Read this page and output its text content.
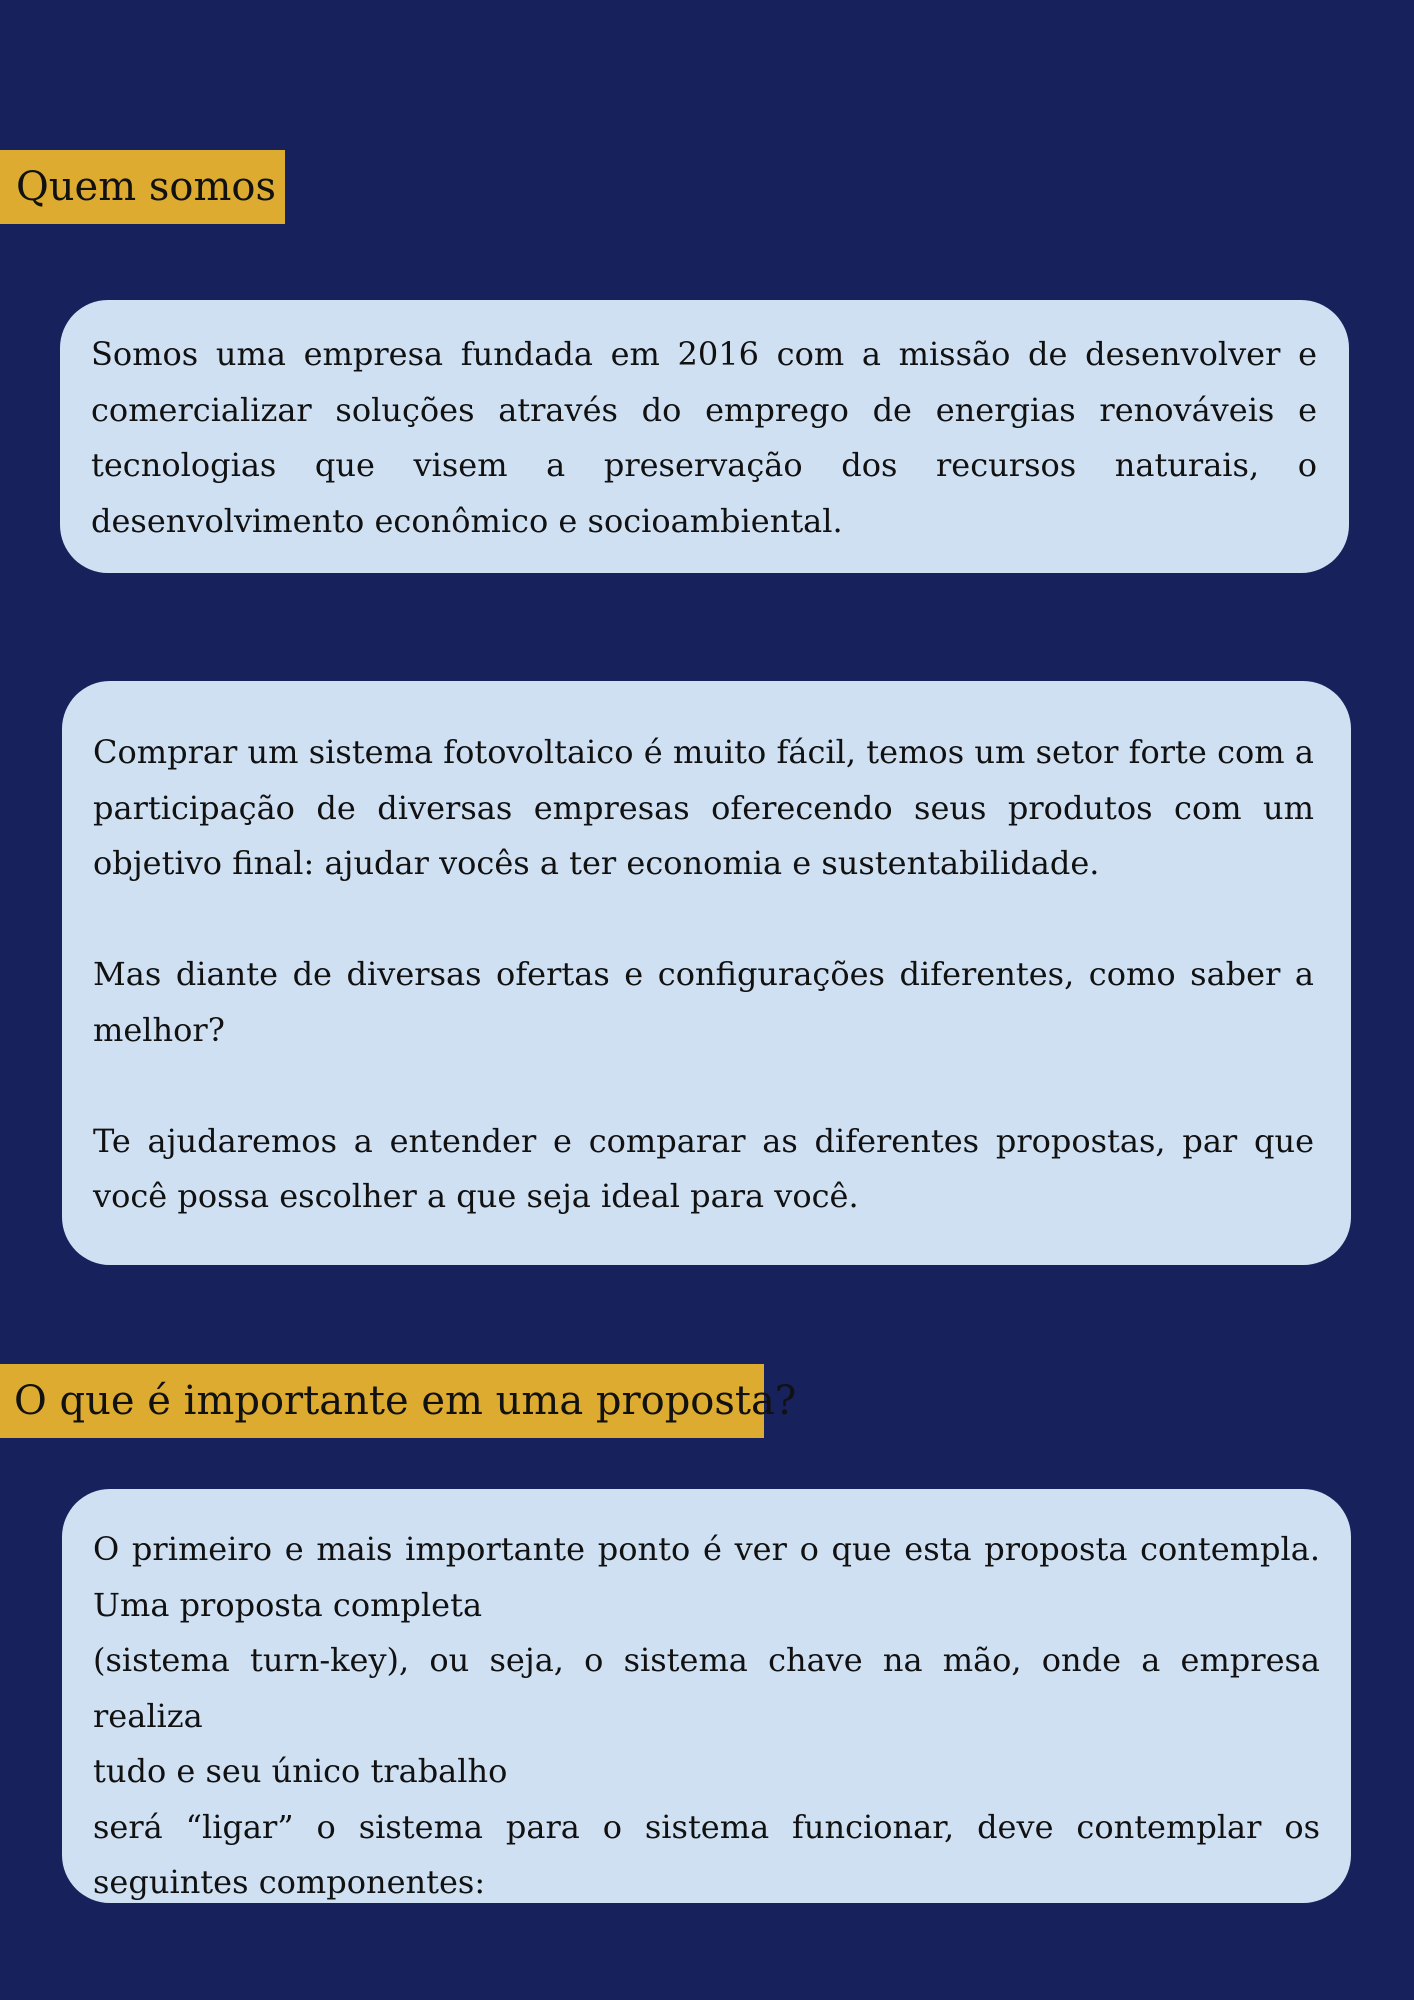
Quem somos

Somos uma empresa fundada em 2016 com a missão de desenvolver e comercializar soluções através do emprego de energias renováveis e tecnologias que visem a preservação dos recursos naturais, o desenvolvimento econômico e socioambiental.

Comprar um sistema fotovoltaico é muito fácil, temos um setor forte com a participação de diversas empresas oferecendo seus produtos com um objetivo final: ajudar vocês a ter economia e sustentabilidade.

Mas diante de diversas ofertas e configurações diferentes, como saber a melhor?

Te ajudaremos a entender e comparar as diferentes propostas, par que você possa escolher a que seja ideal para você.

O que é importante em uma proposta?
O primeiro e mais importante ponto é ver o que esta proposta contempla.
Uma proposta completa
(sistema turn-key), ou seja, o sistema chave na mão, onde a empresa realiza
tudo e seu único trabalho
será “ligar” o sistema para o sistema funcionar, deve contemplar os seguintes componentes:
